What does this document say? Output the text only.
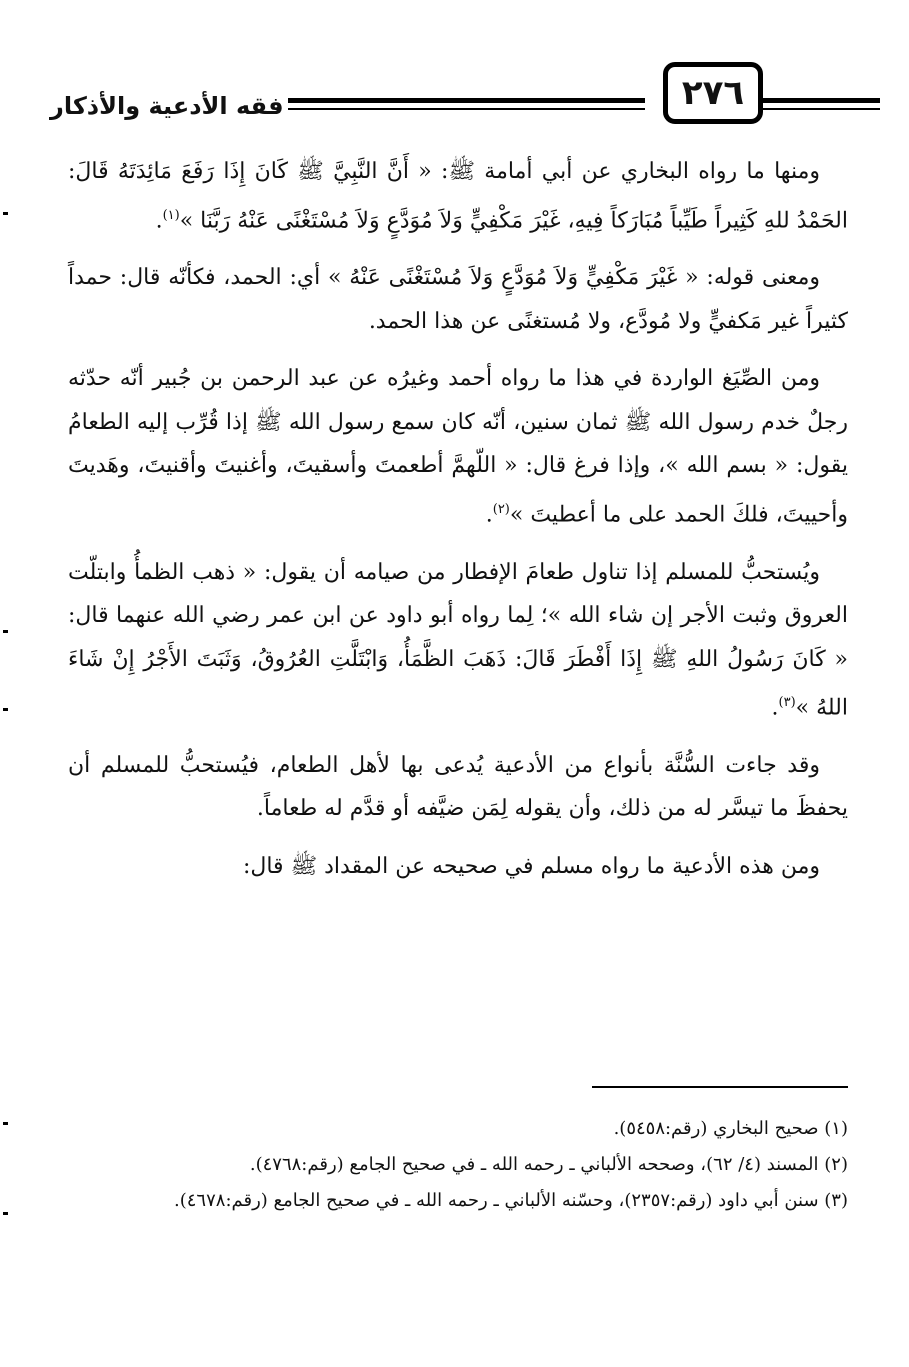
فقه الأدعية والأذكار	٢٧٦

ومنها ما رواه البخاري عن أبي أمامة ﷺ: « أَنَّ النَّبِيَّ ﷺ كَانَ إِذَا رَفَعَ مَائِدَتَهُ قَالَ: الحَمْدُ للهِ كَثِيراً طَيِّباً مُبَارَكاً فِيهِ، غَيْرَ مَكْفِيٍّ وَلاَ مُوَدَّعٍ وَلاَ مُسْتَغْنًى عَنْهُ رَبَّنَا »$^{(١)}$.

ومعنى قوله: « غَيْرَ مَكْفِيٍّ وَلاَ مُوَدَّعٍ وَلاَ مُسْتَغْنًى عَنْهُ » أي: الحمد، فكأنّه قال: حمداً كثيراً غير مَكفيٍّ ولا مُودَّع، ولا مُستغنًى عن هذا الحمد.

ومن الصِّيَغ الواردة في هذا ما رواه أحمد وغيرُه عن عبد الرحمن بن جُبير أنّه حدّثه رجلٌ خدم رسول الله ﷺ ثمان سنين، أنّه كان سمع رسول الله ﷺ إذا قُرِّب إليه الطعامُ يقول: « بسم الله »، وإذا فرغ قال: « اللّهمَّ أطعمتَ وأسقيتَ، وأغنيتَ وأقنيتَ، وهَديتَ وأحييتَ، فلكَ الحمد على ما أعطيتَ »$^{(٢)}$.

ويُستحبُّ للمسلم إذا تناول طعامَ الإفطار من صيامه أن يقول: « ذهب الظمأُ وابتلّت العروق وثبت الأجر إن شاء الله »؛ لِما رواه أبو داود عن ابن عمر رضي الله عنهما قال: « كَانَ رَسُولُ اللهِ ﷺ إِذَا أَفْطَرَ قَالَ: ذَهَبَ الظَّمَأُ، وَابْتَلَّتِ العُرُوقُ، وَثَبَتَ الأَجْرُ إِنْ شَاءَ اللهُ »$^{(٣)}$.

وقد جاءت السُّنَّة بأنواع من الأدعية يُدعى بها لأهل الطعام، فيُستحبُّ للمسلم أن يحفظَ ما تيسَّر له من ذلك، وأن يقوله لِمَن ضيَّفه أو قدَّم له طعاماً.

ومن هذه الأدعية ما رواه مسلم في صحيحه عن المقداد ﷺ قال:

(١) صحيح البخاري (رقم:٥٤٥٨).

(٢) المسند (٤/ ٦٢)، وصححه الألباني ـ رحمه الله ـ في صحيح الجامع (رقم:٤٧٦٨).

(٣) سنن أبي داود (رقم:٢٣٥٧)، وحسّنه الألباني ـ رحمه الله ـ في صحيح الجامع (رقم:٤٦٧٨).
